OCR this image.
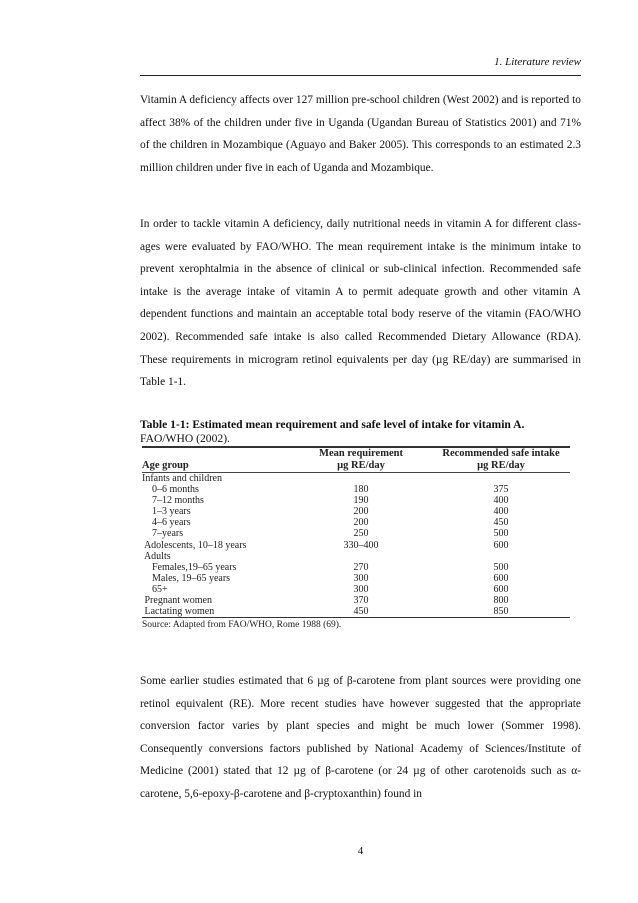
1. Literature review

Vitamin A deficiency affects over 127 million pre-school children (West 2002) and is reported to affect 38% of the children under five in Uganda (Ugandan Bureau of Statistics 2001) and 71% of the children in Mozambique (Aguayo and Baker 2005). This corresponds to an estimated 2.3 million children under five in each of Uganda and Mozambique.

In order to tackle vitamin A deficiency, daily nutritional needs in vitamin A for different class-ages were evaluated by FAO/WHO. The mean requirement intake is the minimum intake to prevent xerophtalmia in the absence of clinical or sub-clinical infection. Recommended safe intake is the average intake of vitamin A to permit adequate growth and other vitamin A dependent functions and maintain an acceptable total body reserve of the vitamin (FAO/WHO 2002). Recommended safe intake is also called Recommended Dietary Allowance (RDA). These requirements in microgram retinol equivalents per day (µg RE/day) are summarised in Table 1-1.

Table 1-1: Estimated mean requirement and safe level of intake for vitamin A.
FAO/WHO (2002).
Mean requirement	Recommended safe intake
Age group	µg RE/day	µg RE/day
Infants and children
0–6 months	180	375
7–12 months	190	400
1–3 years	200	400
4–6 years	200	450
7–years	250	500
Adolescents, 10–18 years	330–400	600
Adults
Females,19–65 years	270	500
Males, 19–65 years	300	600
65+	300	600
Pregnant women	370	800
Lactating women	450	850
Source: Adapted from FAO/WHO, Rome 1988 (69).

Some earlier studies estimated that 6 µg of β-carotene from plant sources were providing one retinol equivalent (RE). More recent studies have however suggested that the appropriate conversion factor varies by plant species and might be much lower (Sommer 1998). Consequently conversions factors published by National Academy of Sciences/Institute of Medicine (2001) stated that 12 µg of β-carotene (or 24 µg of other carotenoids such as α-carotene, 5,6-epoxy-β-carotene and β-cryptoxanthin) found in

4
